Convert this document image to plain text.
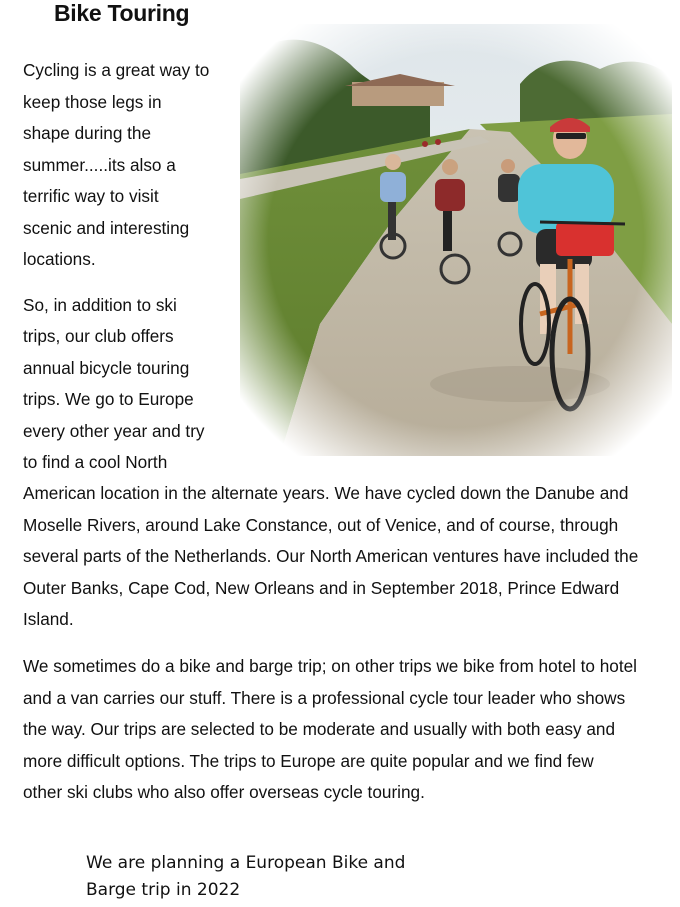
Bike Touring

Cycling is a great way to
keep those legs in
shape during the
summer.....its also a
terrific way to visit
scenic and interesting
locations.

So, in addition to ski
trips, our club offers
annual bicycle touring
trips. We go to Europe
every other year and try
to find a cool North

American location in the alternate years. We have cycled down the Danube and
Moselle Rivers, around Lake Constance, out of Venice, and of course, through
several parts of the Netherlands. Our North American ventures have included the
Outer Banks, Cape Cod, New Orleans and in September 2018, Prince Edward
Island.

We sometimes do a bike and barge trip; on other trips we bike from hotel to hotel
and a van carries our stuff. There is a professional cycle tour leader who shows
the way. Our trips are selected to be moderate and usually with both easy and
more difficult options. The trips to Europe are quite popular and we find few
other ski clubs who also offer overseas cycle touring.

We are planning a European Bike and
Barge trip in 2022
